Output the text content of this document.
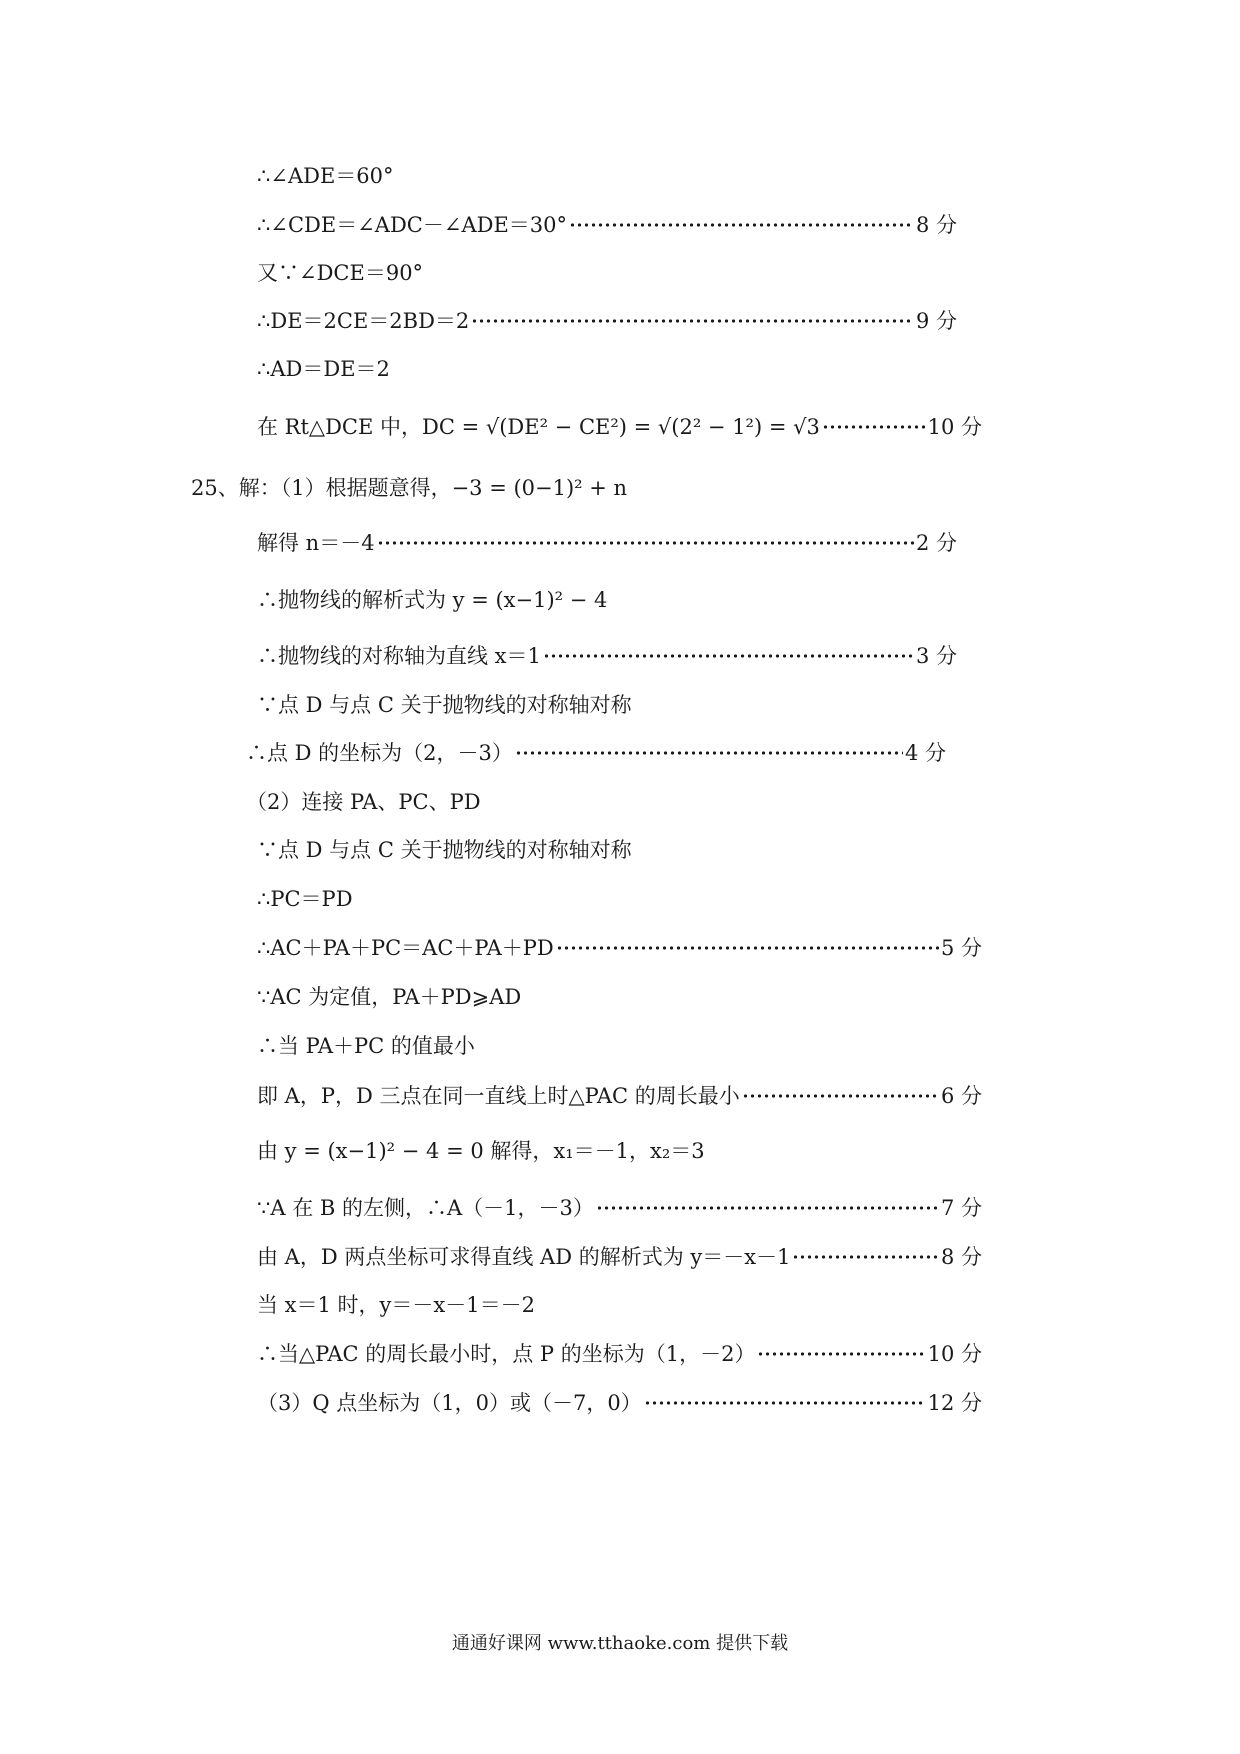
∴∠ADE＝60°
∴∠CDE＝∠ADC－∠ADE＝30°	8 分
又∵∠DCE＝90°
∴DE＝2CE＝2BD＝2	9 分
∴AD＝DE＝2
在 Rt△DCE 中，DC = √(DE² − CE²) = √(2² − 1²) = √3	10 分
25、解：（1）根据题意得，−3 = (0−1)² + n
解得 n＝－4	2 分
∴抛物线的解析式为 y = (x−1)² − 4
∴抛物线的对称轴为直线 x＝1	3 分
∵点 D 与点 C 关于抛物线的对称轴对称
∴点 D 的坐标为（2，－3）	4 分
（2）连接 PA、PC、PD
∵点 D 与点 C 关于抛物线的对称轴对称
∴PC＝PD
∴AC＋PA＋PC＝AC＋PA＋PD	5 分
∵AC 为定值，PA＋PD⩾AD
∴当 PA＋PC 的值最小
即 A，P，D 三点在同一直线上时△PAC 的周长最小	6 分
由 y = (x−1)² − 4 = 0 解得，x₁＝－1，x₂＝3
∵A 在 B 的左侧，∴A（－1，－3）	7 分
由 A，D 两点坐标可求得直线 AD 的解析式为 y＝－x－1	8 分
当 x＝1 时，y＝－x－1＝－2
∴当△PAC 的周长最小时，点 P 的坐标为（1，－2）	10 分
（3）Q 点坐标为（1，0）或（－7，0）	12 分
通通好课网 www.tthaoke.com 提供下载
